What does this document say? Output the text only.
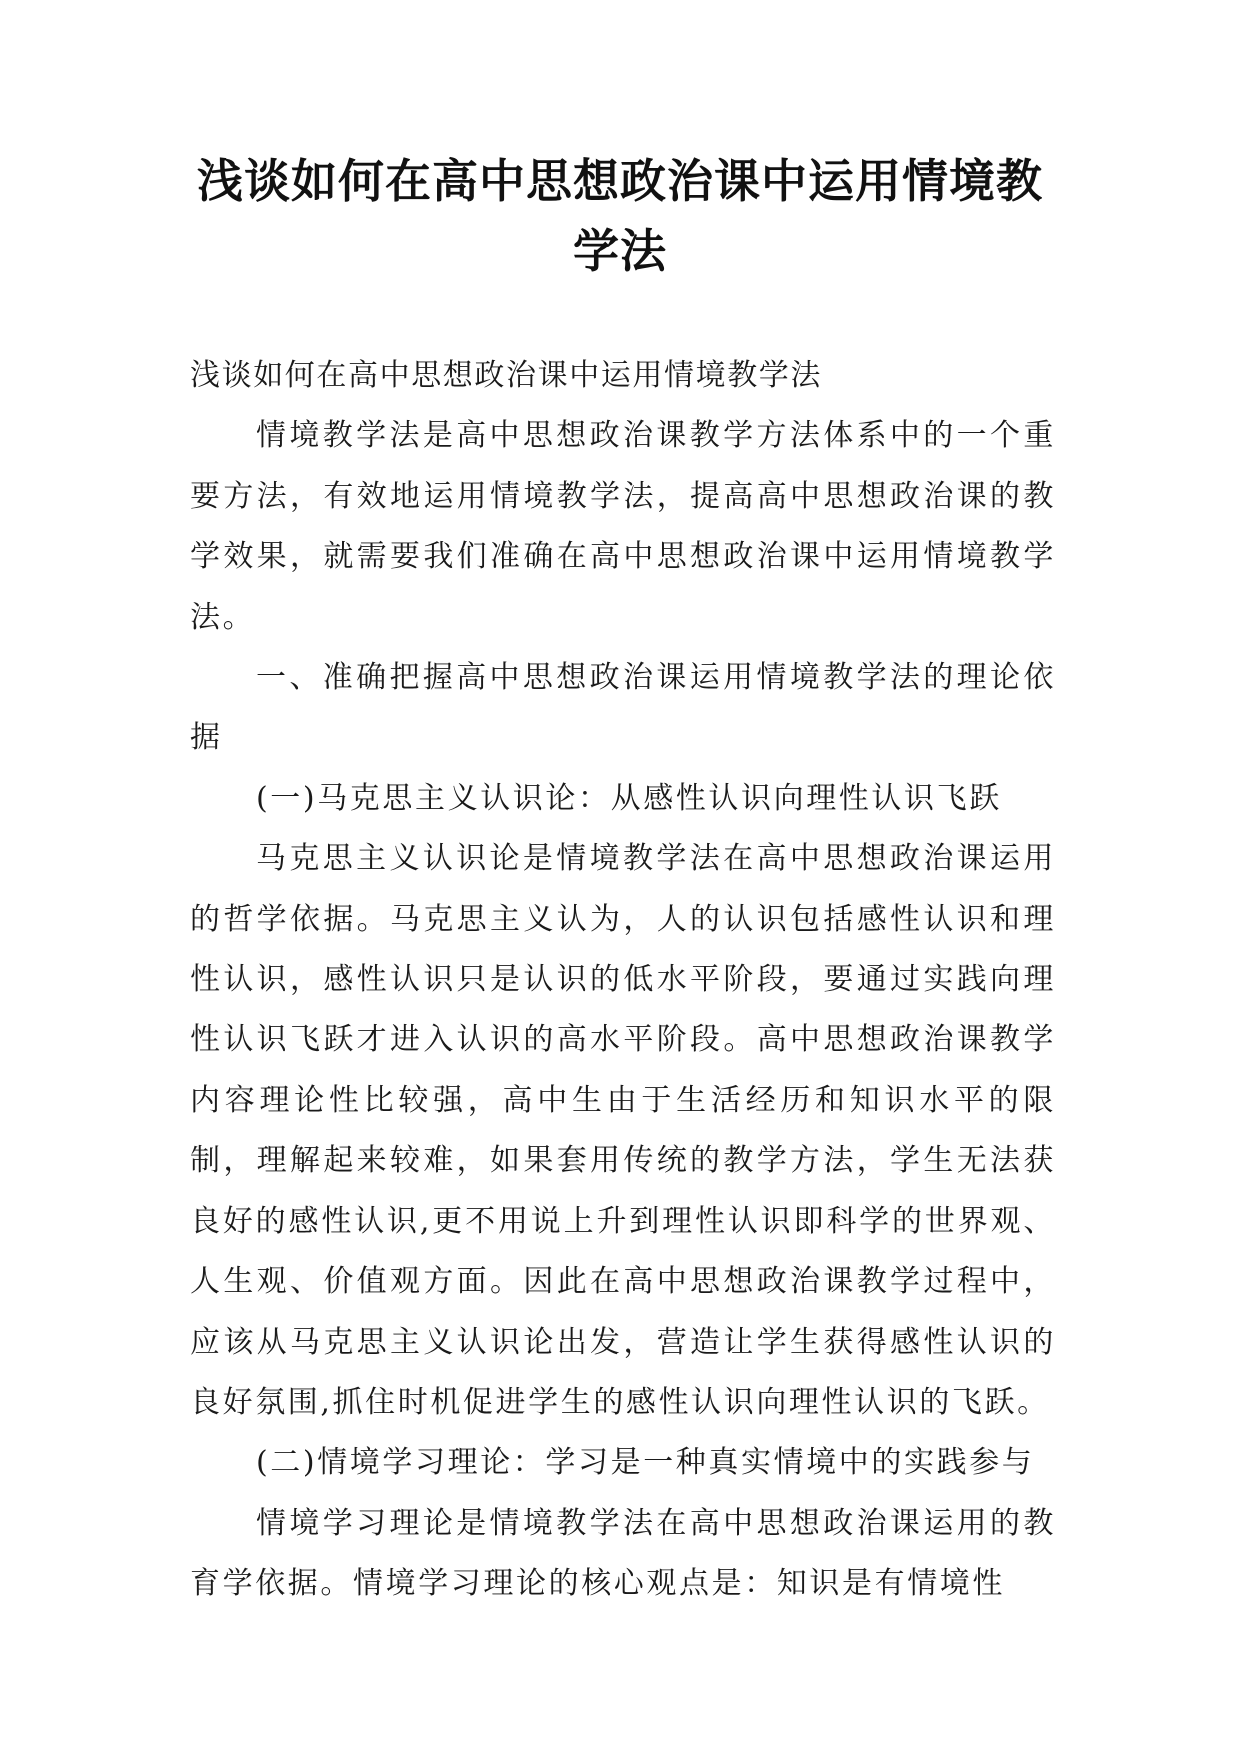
浅谈如何在高中思想政治课中运用情境教学法

浅谈如何在高中思想政治课中运用情境教学法

情境教学法是高中思想政治课教学方法体系中的一个重要方法，有效地运用情境教学法，提高高中思想政治课的教学效果，就需要我们准确在高中思想政治课中运用情境教学法。

一、准确把握高中思想政治课运用情境教学法的理论依据

(一)马克思主义认识论：从感性认识向理性认识飞跃

马克思主义认识论是情境教学法在高中思想政治课运用的哲学依据。马克思主义认为，人的认识包括感性认识和理性认识，感性认识只是认识的低水平阶段，要通过实践向理性认识飞跃才进入认识的高水平阶段。高中思想政治课教学内容理论性比较强，高中生由于生活经历和知识水平的限制，理解起来较难，如果套用传统的教学方法，学生无法获良好的感性认识,更不用说上升到理性认识即科学的世界观、人生观、价值观方面。因此在高中思想政治课教学过程中，应该从马克思主义认识论出发，营造让学生获得感性认识的良好氛围,抓住时机促进学生的感性认识向理性认识的飞跃。

(二)情境学习理论：学习是一种真实情境中的实践参与

情境学习理论是情境教学法在高中思想政治课运用的教育学依据。情境学习理论的核心观点是：知识是有情境性
